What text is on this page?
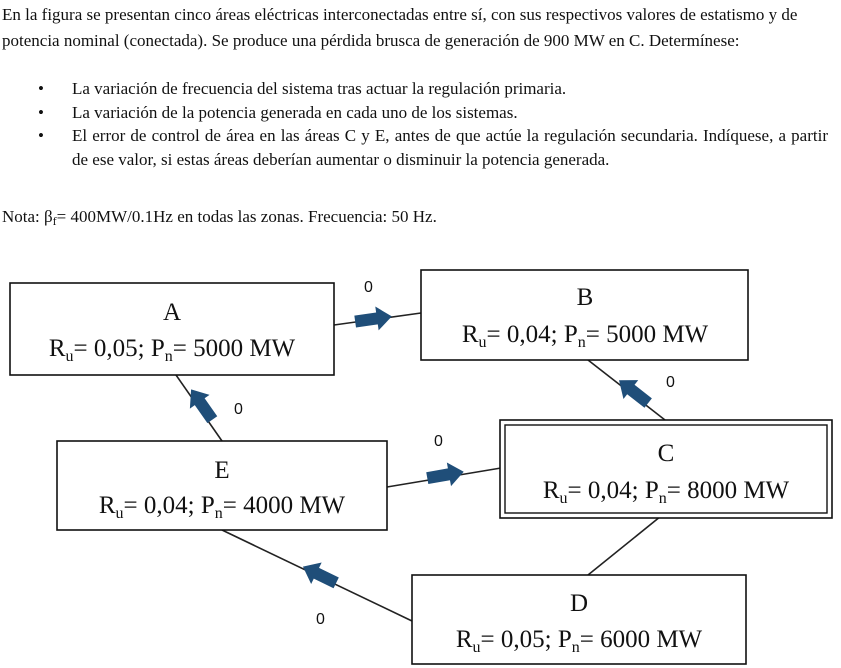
En la figura se presentan cinco áreas eléctricas interconectadas entre sí, con sus respectivos valores de estatismo y de potencia nominal (conectada). Se produce una pérdida brusca de generación de 900 MW en C. Determínese:

• La variación de frecuencia del sistema tras actuar la regulación primaria.
• La variación de la potencia generada en cada uno de los sistemas.
• El error de control de área en las áreas C y E, antes de que actúe la regulación secundaria. Indíquese, a partir de ese valor, si estas áreas deberían aumentar o disminuir la potencia generada.

Nota: $\beta_f= 400MW/0.1Hz$ en todas las zonas. Frecuencia: 50 Hz.

0
0
0
0
0
A
$R_u= 0,05$; $P_n= 5000$ MW
B
$R_u= 0,04$; $P_n= 5000$ MW
C
$R_u= 0,04$; $P_n= 8000$ MW
E
$R_u= 0,04$; $P_n= 4000$ MW
D
$R_u= 0,05$; $P_n= 6000$ MW
